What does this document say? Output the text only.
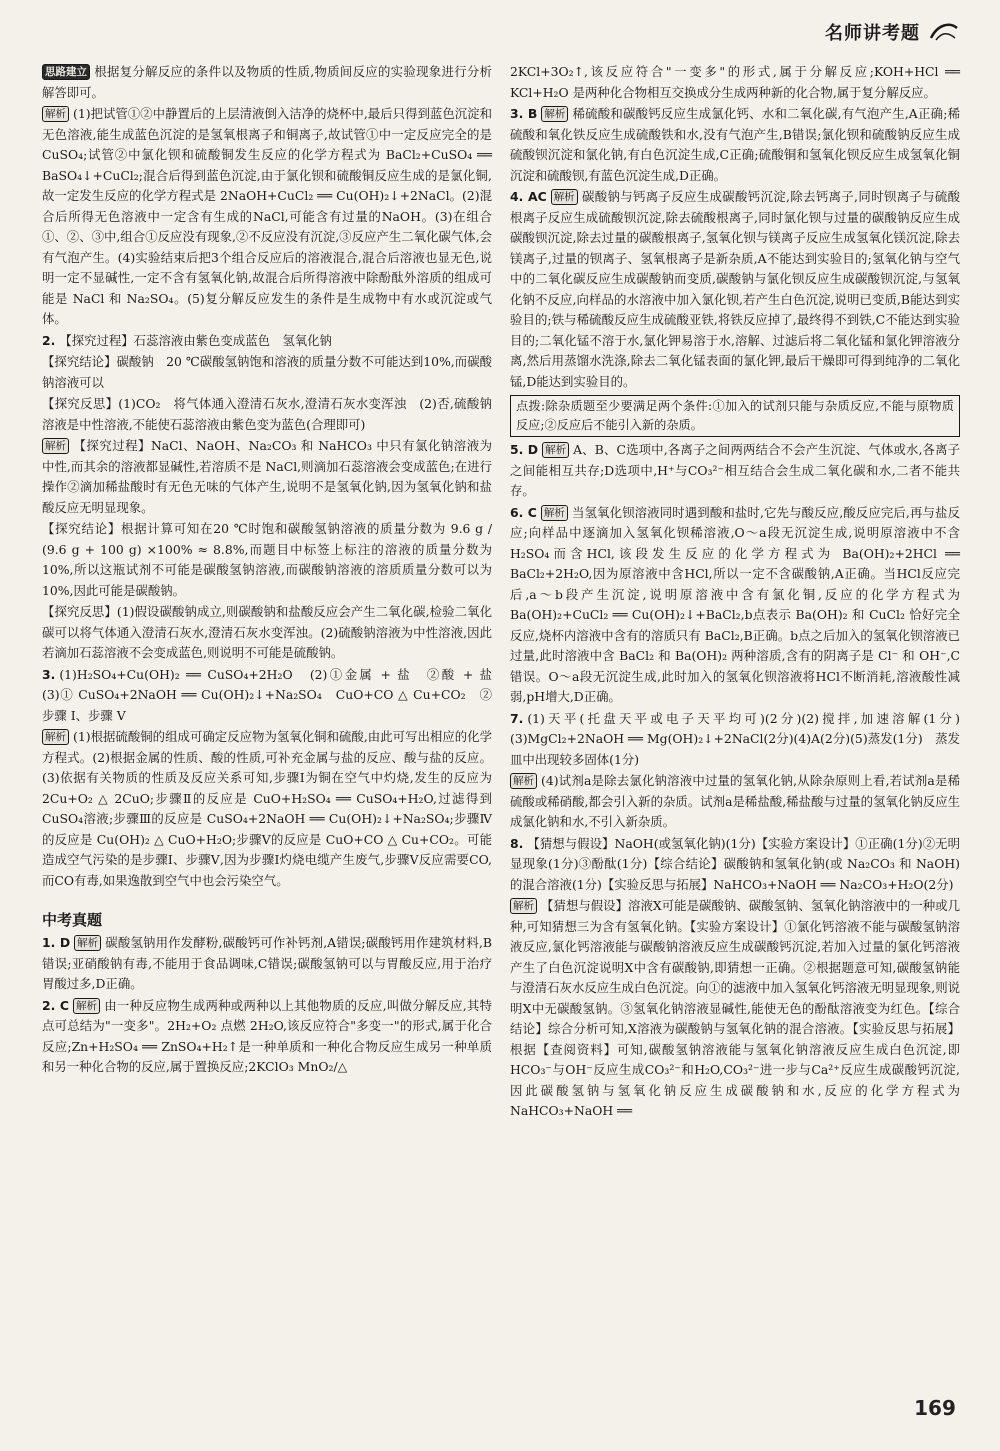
名师讲考题

思路建立 根据复分解反应的条件以及物质的性质,物质间反应的实验现象进行分析解答即可。

解析 (1)把试管①②中静置后的上层清液倒入洁净的烧杯中,最后只得到蓝色沉淀和无色溶液,能生成蓝色沉淀的是氢氧根离子和铜离子,故试管①中一定反应完全的是CuSO₄;试管②中氯化钡和硫酸铜发生反应的化学方程式为 BaCl₂+CuSO₄ ══ BaSO₄↓+CuCl₂;混合后得到蓝色沉淀,由于氯化钡和硫酸铜反应生成的是氯化铜,故一定发生反应的化学方程式是 2NaOH+CuCl₂ ══ Cu(OH)₂↓+2NaCl。(2)混合后所得无色溶液中一定含有生成的NaCl,可能含有过量的NaOH。(3)在组合①、②、③中,组合①反应没有现象,②不反应没有沉淀,③反应产生二氧化碳气体,会有气泡产生。(4)实验结束后把3个组合反应后的溶液混合,混合后溶液也显无色,说明一定不显碱性,一定不含有氢氧化钠,故混合后所得溶液中除酚酞外溶质的组成可能是 NaCl 和 Na₂SO₄。(5)复分解反应发生的条件是生成物中有水或沉淀或气体。

2. 【探究过程】石蕊溶液由紫色变成蓝色　氢氧化钠

【探究结论】碳酸钠　20 ℃碳酸氢钠饱和溶液的质量分数不可能达到10%,而碳酸钠溶液可以

【探究反思】(1)CO₂　将气体通入澄清石灰水,澄清石灰水变浑浊　(2)否,硫酸钠溶液是中性溶液,不能使石蕊溶液由紫色变为蓝色(合理即可)

解析 【探究过程】NaCl、NaOH、Na₂CO₃ 和 NaHCO₃ 中只有氯化钠溶液为中性,而其余的溶液都显碱性,若溶质不是 NaCl,则滴加石蕊溶液会变成蓝色;在进行操作②滴加稀盐酸时有无色无味的气体产生,说明不是氢氧化钠,因为氢氧化钠和盐酸反应无明显现象。

【探究结论】根据计算可知在20 ℃时饱和碳酸氢钠溶液的质量分数为 9.6 g / (9.6 g + 100 g) ×100% ≈ 8.8%,而题目中标签上标注的溶液的质量分数为10%,所以这瓶试剂不可能是碳酸氢钠溶液,而碳酸钠溶液的溶质质量分数可以为10%,因此可能是碳酸钠。

【探究反思】(1)假设碳酸钠成立,则碳酸钠和盐酸反应会产生二氧化碳,检验二氧化碳可以将气体通入澄清石灰水,澄清石灰水变浑浊。(2)硫酸钠溶液为中性溶液,因此若滴加石蕊溶液不会变成蓝色,则说明不可能是硫酸钠。

3. (1)H₂SO₄+Cu(OH)₂ ══ CuSO₄+2H₂O　(2)①金属 + 盐　②酸 + 盐　(3)① CuSO₄+2NaOH ══ Cu(OH)₂↓+Na₂SO₄　CuO+CO △ Cu+CO₂　②步骤 Ⅰ、步骤 Ⅴ

解析 (1)根据硫酸铜的组成可确定反应物为氢氧化铜和硫酸,由此可写出相应的化学方程式。(2)根据金属的性质、酸的性质,可补充金属与盐的反应、酸与盐的反应。(3)依据有关物质的性质及反应关系可知,步骤Ⅰ为铜在空气中灼烧,发生的反应为 2Cu+O₂ △ 2CuO;步骤Ⅱ的反应是 CuO+H₂SO₄ ══ CuSO₄+H₂O,过滤得到CuSO₄溶液;步骤Ⅲ的反应是 CuSO₄+2NaOH ══ Cu(OH)₂↓+Na₂SO₄;步骤Ⅳ的反应是 Cu(OH)₂ △ CuO+H₂O;步骤Ⅴ的反应是 CuO+CO △ Cu+CO₂。可能造成空气污染的是步骤Ⅰ、步骤Ⅴ,因为步骤Ⅰ灼烧电缆产生废气,步骤Ⅴ反应需要CO,而CO有毒,如果逸散到空气中也会污染空气。

中考真题

1. D 解析 碳酸氢钠用作发酵粉,碳酸钙可作补钙剂,A错误;碳酸钙用作建筑材料,B错误;亚硝酸钠有毒,不能用于食品调味,C错误;碳酸氢钠可以与胃酸反应,用于治疗胃酸过多,D正确。

2. C 解析 由一种反应物生成两种或两种以上其他物质的反应,叫做分解反应,其特点可总结为"一变多"。2H₂+O₂ 点燃 2H₂O,该反应符合"多变一"的形式,属于化合反应;Zn+H₂SO₄ ══ ZnSO₄+H₂↑是一种单质和一种化合物反应生成另一种单质和另一种化合物的反应,属于置换反应;2KClO₃ MnO₂/△

2KCl+3O₂↑,该反应符合"一变多"的形式,属于分解反应;KOH+HCl ══ KCl+H₂O 是两种化合物相互交换成分生成两种新的化合物,属于复分解反应。

3. B 解析 稀硫酸和碳酸钙反应生成氯化钙、水和二氧化碳,有气泡产生,A正确;稀硫酸和氧化铁反应生成硫酸铁和水,没有气泡产生,B错误;氯化钡和硫酸钠反应生成硫酸钡沉淀和氯化钠,有白色沉淀生成,C正确;硫酸铜和氢氧化钡反应生成氢氧化铜沉淀和硫酸钡,有蓝色沉淀生成,D正确。

4. AC 解析 碳酸钠与钙离子反应生成碳酸钙沉淀,除去钙离子,同时钡离子与硫酸根离子反应生成硫酸钡沉淀,除去硫酸根离子,同时氯化钡与过量的碳酸钠反应生成碳酸钡沉淀,除去过量的碳酸根离子,氢氧化钡与镁离子反应生成氢氧化镁沉淀,除去镁离子,过量的钡离子、氢氧根离子是新杂质,A不能达到实验目的;氢氧化钠与空气中的二氧化碳反应生成碳酸钠而变质,碳酸钠与氯化钡反应生成碳酸钡沉淀,与氢氧化钠不反应,向样品的水溶液中加入氯化钡,若产生白色沉淀,说明已变质,B能达到实验目的;铁与稀硫酸反应生成硫酸亚铁,将铁反应掉了,最终得不到铁,C不能达到实验目的;二氧化锰不溶于水,氯化钾易溶于水,溶解、过滤后将二氧化锰和氯化钾溶液分离,然后用蒸馏水洗涤,除去二氧化锰表面的氯化钾,最后干燥即可得到纯净的二氧化锰,D能达到实验目的。

点拨:除杂质题至少要满足两个条件:①加入的试剂只能与杂质反应,不能与原物质反应;②反应后不能引入新的杂质。

5. D 解析 A、B、C选项中,各离子之间两两结合不会产生沉淀、气体或水,各离子之间能相互共存;D选项中,H⁺与CO₃²⁻相互结合会生成二氧化碳和水,二者不能共存。

6. C 解析 当氢氧化钡溶液同时遇到酸和盐时,它先与酸反应,酸反应完后,再与盐反应;向样品中逐滴加入氢氧化钡稀溶液,O～a段无沉淀生成,说明原溶液中不含H₂SO₄而含HCl,该段发生反应的化学方程式为 Ba(OH)₂+2HCl ══ BaCl₂+2H₂O,因为原溶液中含HCl,所以一定不含碳酸钠,A正确。当HCl反应完后,a～b段产生沉淀,说明原溶液中含有氯化铜,反应的化学方程式为 Ba(OH)₂+CuCl₂ ══ Cu(OH)₂↓+BaCl₂,b点表示 Ba(OH)₂ 和 CuCl₂ 恰好完全反应,烧杯内溶液中含有的溶质只有 BaCl₂,B正确。b点之后加入的氢氧化钡溶液已过量,此时溶液中含 BaCl₂ 和 Ba(OH)₂ 两种溶质,含有的阴离子是 Cl⁻ 和 OH⁻,C错误。O～a段无沉淀生成,此时加入的氢氧化钡溶液将HCl不断消耗,溶液酸性减弱,pH增大,D正确。

7. (1)天平(托盘天平或电子天平均可)(2分)(2)搅拌,加速溶解(1分)(3)MgCl₂+2NaOH ══ Mg(OH)₂↓+2NaCl(2分)(4)A(2分)(5)蒸发(1分)　蒸发皿中出现较多固体(1分)

解析 (4)试剂a是除去氯化钠溶液中过量的氢氧化钠,从除杂原则上看,若试剂a是稀硫酸或稀硝酸,都会引入新的杂质。试剂a是稀盐酸,稀盐酸与过量的氢氧化钠反应生成氯化钠和水,不引入新杂质。

8. 【猜想与假设】NaOH(或氢氧化钠)(1分)【实验方案设计】①正确(1分)②无明显现象(1分)③酚酞(1分)【综合结论】碳酸钠和氢氧化钠(或 Na₂CO₃ 和 NaOH)的混合溶液(1分)【实验反思与拓展】NaHCO₃+NaOH ══ Na₂CO₃+H₂O(2分)

解析 【猜想与假设】溶液X可能是碳酸钠、碳酸氢钠、氢氧化钠溶液中的一种或几种,可知猜想三为含有氢氧化钠。【实验方案设计】①氯化钙溶液不能与碳酸氢钠溶液反应,氯化钙溶液能与碳酸钠溶液反应生成碳酸钙沉淀,若加入过量的氯化钙溶液产生了白色沉淀说明X中含有碳酸钠,即猜想一正确。②根据题意可知,碳酸氢钠能与澄清石灰水反应生成白色沉淀。向①的滤液中加入氢氧化钙溶液无明显现象,则说明X中无碳酸氢钠。③氢氧化钠溶液显碱性,能使无色的酚酞溶液变为红色。【综合结论】综合分析可知,X溶液为碳酸钠与氢氧化钠的混合溶液。【实验反思与拓展】根据【查阅资料】可知,碳酸氢钠溶液能与氢氧化钠溶液反应生成白色沉淀,即HCO₃⁻与OH⁻反应生成CO₃²⁻和H₂O,CO₃²⁻进一步与Ca²⁺反应生成碳酸钙沉淀,因此碳酸氢钠与氢氧化钠反应生成碳酸钠和水,反应的化学方程式为 NaHCO₃+NaOH ══

169
